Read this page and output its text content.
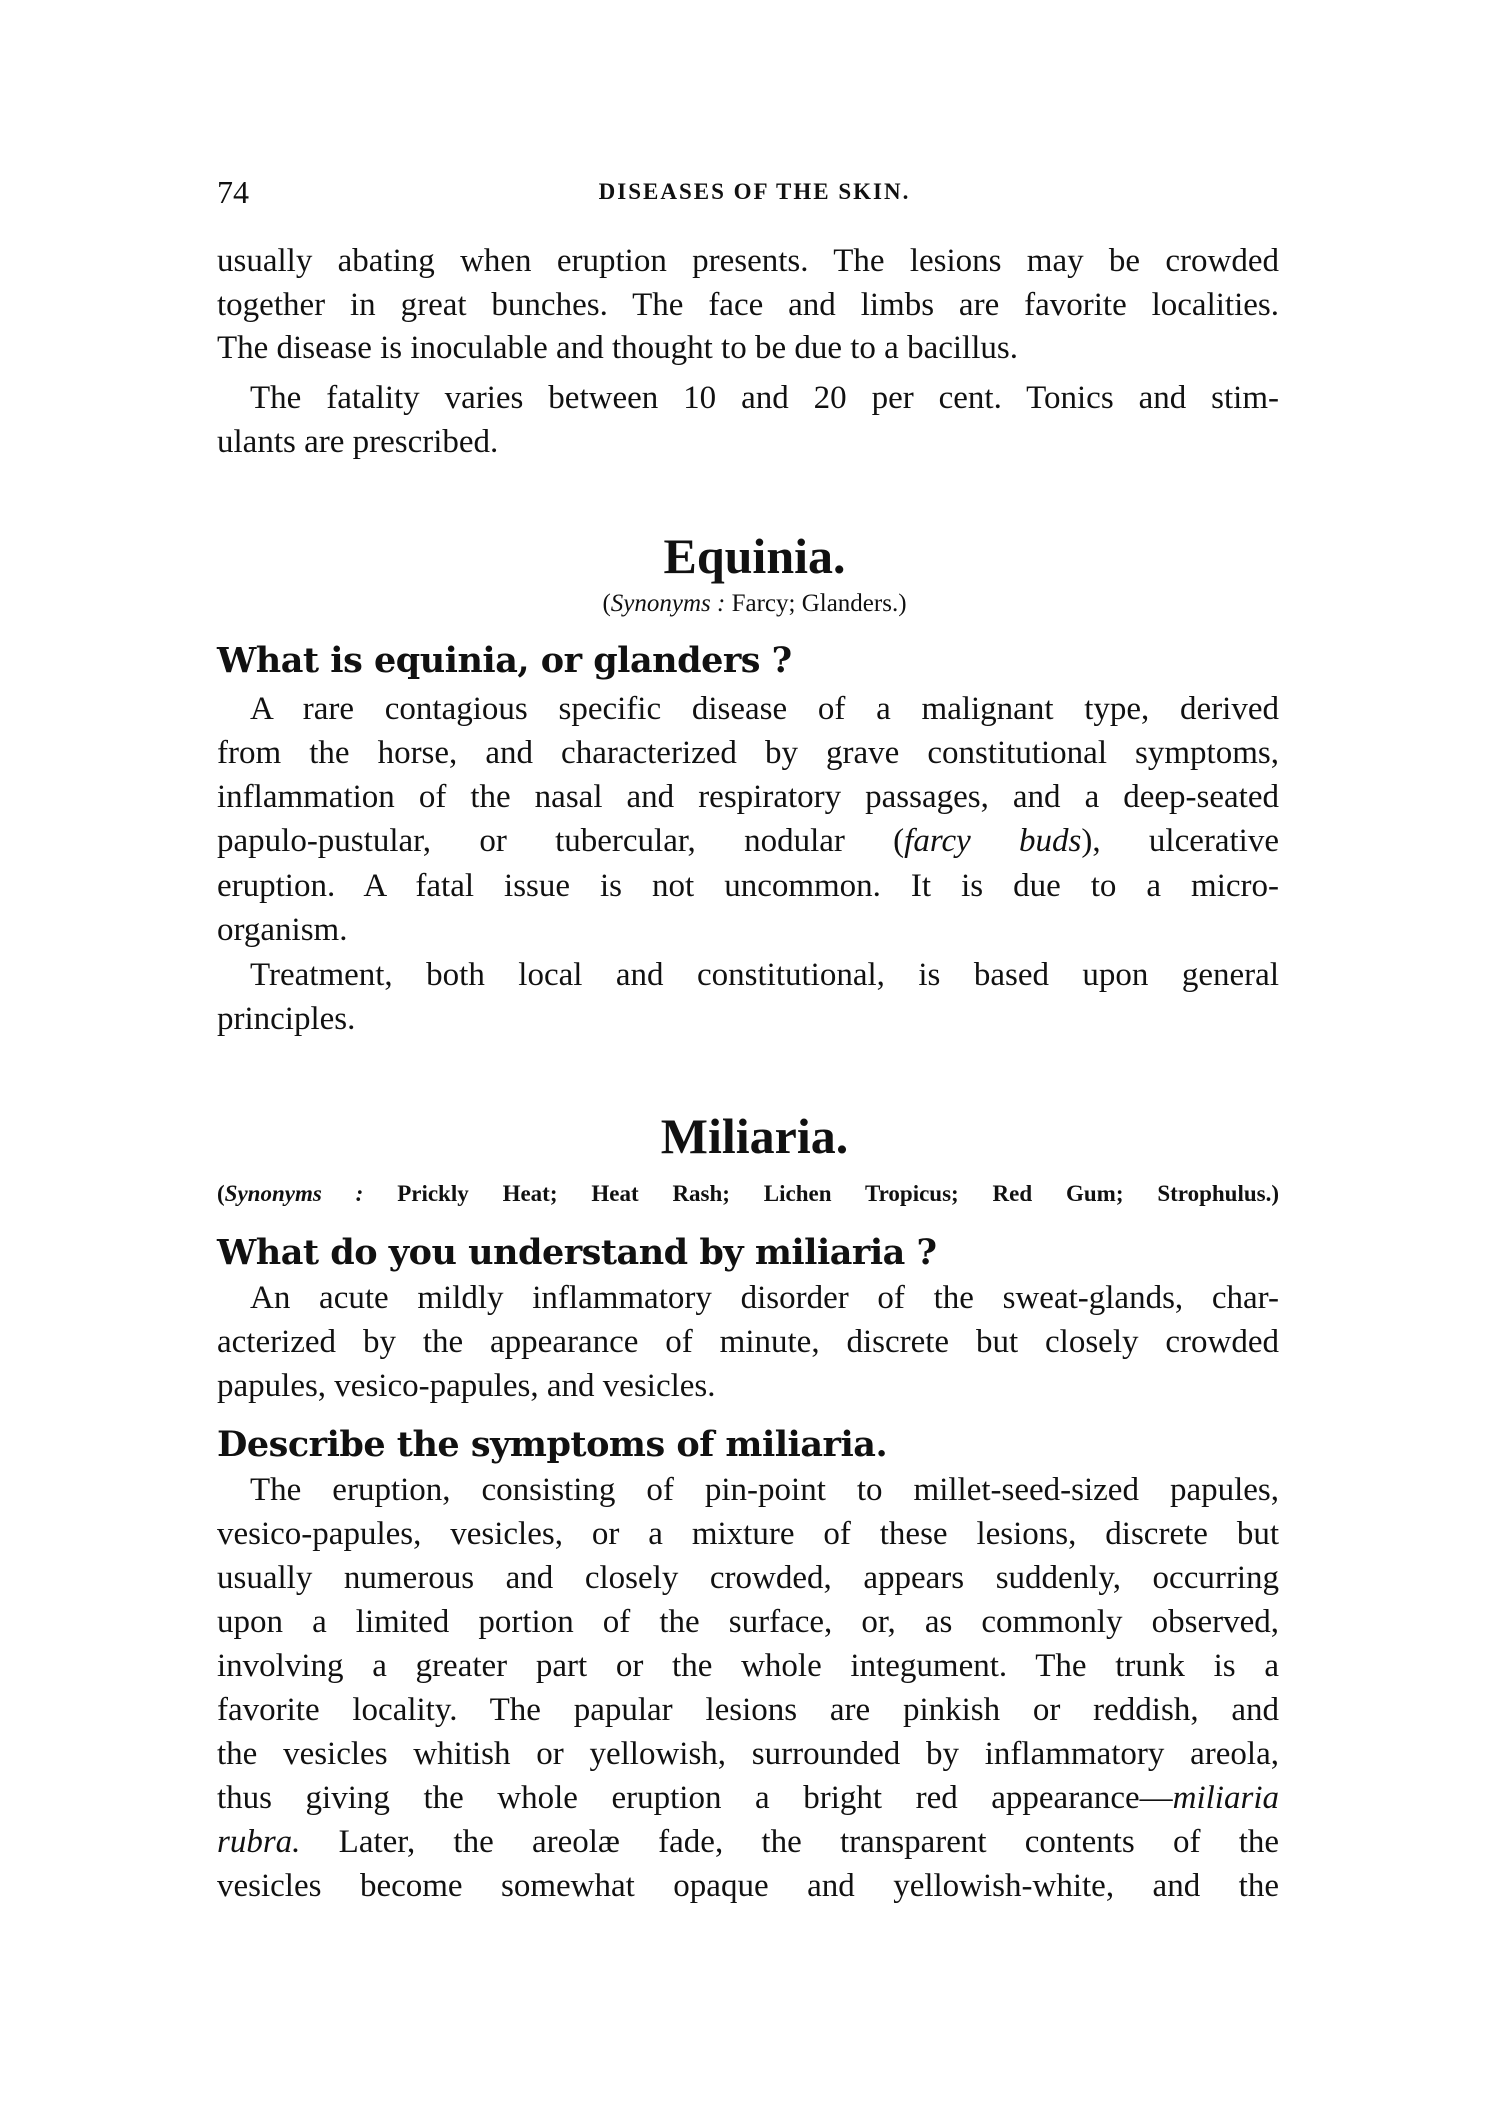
74	DISEASES OF THE SKIN.
usually abating when eruption presents. The lesions may be crowded
together in great bunches. The face and limbs are favorite localities.
The disease is inoculable and thought to be due to a bacillus.
The fatality varies between 10 and 20 per cent. Tonics and stim-
ulants are prescribed.
Equinia.
(Synonyms : Farcy; Glanders.)
What is equinia, or glanders ?
A rare contagious specific disease of a malignant type, derived
from the horse, and characterized by grave constitutional symptoms,
inflammation of the nasal and respiratory passages, and a deep-seated
papulo-pustular, or tubercular, nodular (farcy buds), ulcerative
eruption. A fatal issue is not uncommon. It is due to a micro-
organism.
Treatment, both local and constitutional, is based upon general
principles.
Miliaria.
(Synonyms : Prickly Heat; Heat Rash; Lichen Tropicus; Red Gum; Strophulus.)
What do you understand by miliaria ?
An acute mildly inflammatory disorder of the sweat-glands, char-
acterized by the appearance of minute, discrete but closely crowded
papules, vesico-papules, and vesicles.
Describe the symptoms of miliaria.
The eruption, consisting of pin-point to millet-seed-sized papules,
vesico-papules, vesicles, or a mixture of these lesions, discrete but
usually numerous and closely crowded, appears suddenly, occurring
upon a limited portion of the surface, or, as commonly observed,
involving a greater part or the whole integument. The trunk is a
favorite locality. The papular lesions are pinkish or reddish, and
the vesicles whitish or yellowish, surrounded by inflammatory areola,
thus giving the whole eruption a bright red appearance—miliaria
rubra. Later, the areolæ fade, the transparent contents of the
vesicles become somewhat opaque and yellowish-white, and the
